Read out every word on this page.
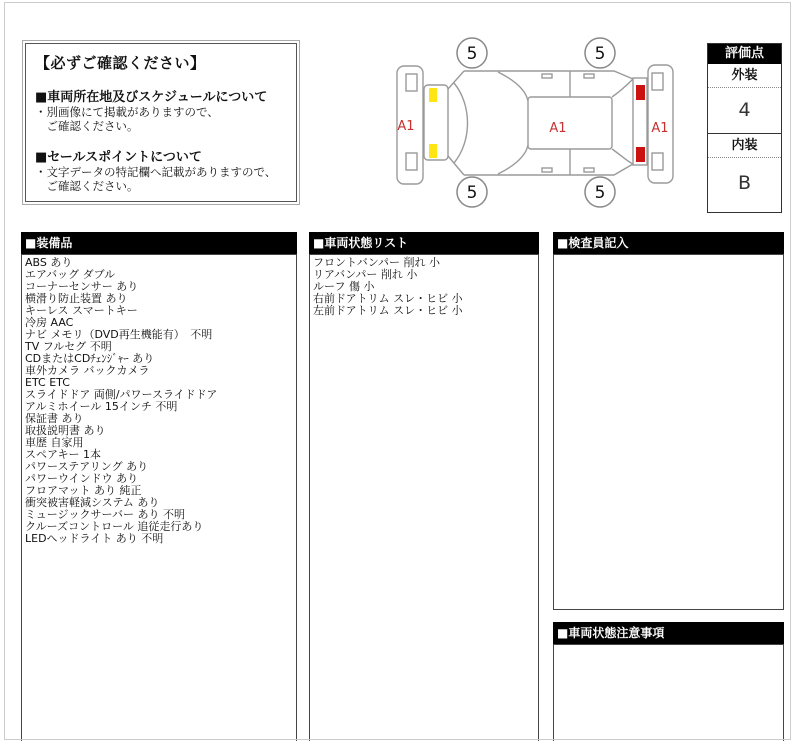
【必ずご確認ください】
■車両所在地及びスケジュールについて
・別画像にて掲載がありますので、
　ご確認ください。
■セールスポイントについて
・文字データの特記欄へ記載がありますので、
　ご確認ください。
5	5
5	5
A1	A1	A1
評価点
外装
4
内装
B
■装備品
ABS あり
エアバッグ ダブル
コーナーセンサー あり
横滑り防止装置 あり
キーレス スマートキー
冷房 AAC
ナビ メモリ（DVD再生機能有）　不明
TV フルセグ 不明
CDまたはCDﾁｪﾝｼﾞｬｰ あり
車外カメラ バックカメラ
ETC ETC
スライドドア 両側/パワースライドドア
アルミホイール 15インチ 不明
保証書 あり
取扱説明書 あり
車歴 自家用
スペアキー 1本
パワーステアリング あり
パワーウインドウ あり
フロアマット あり 純正
衝突被害軽減システム あり
ミュージックサーバー あり 不明
クルーズコントロール 追従走行あり
LEDヘッドライト あり 不明
■車両状態リスト
フロントバンパー 削れ 小
リアバンパー 削れ 小
ルーフ 傷 小
右前ドアトリム スレ・ヒビ 小
左前ドアトリム スレ・ヒビ 小
■検査員記入
■車両状態注意事項
